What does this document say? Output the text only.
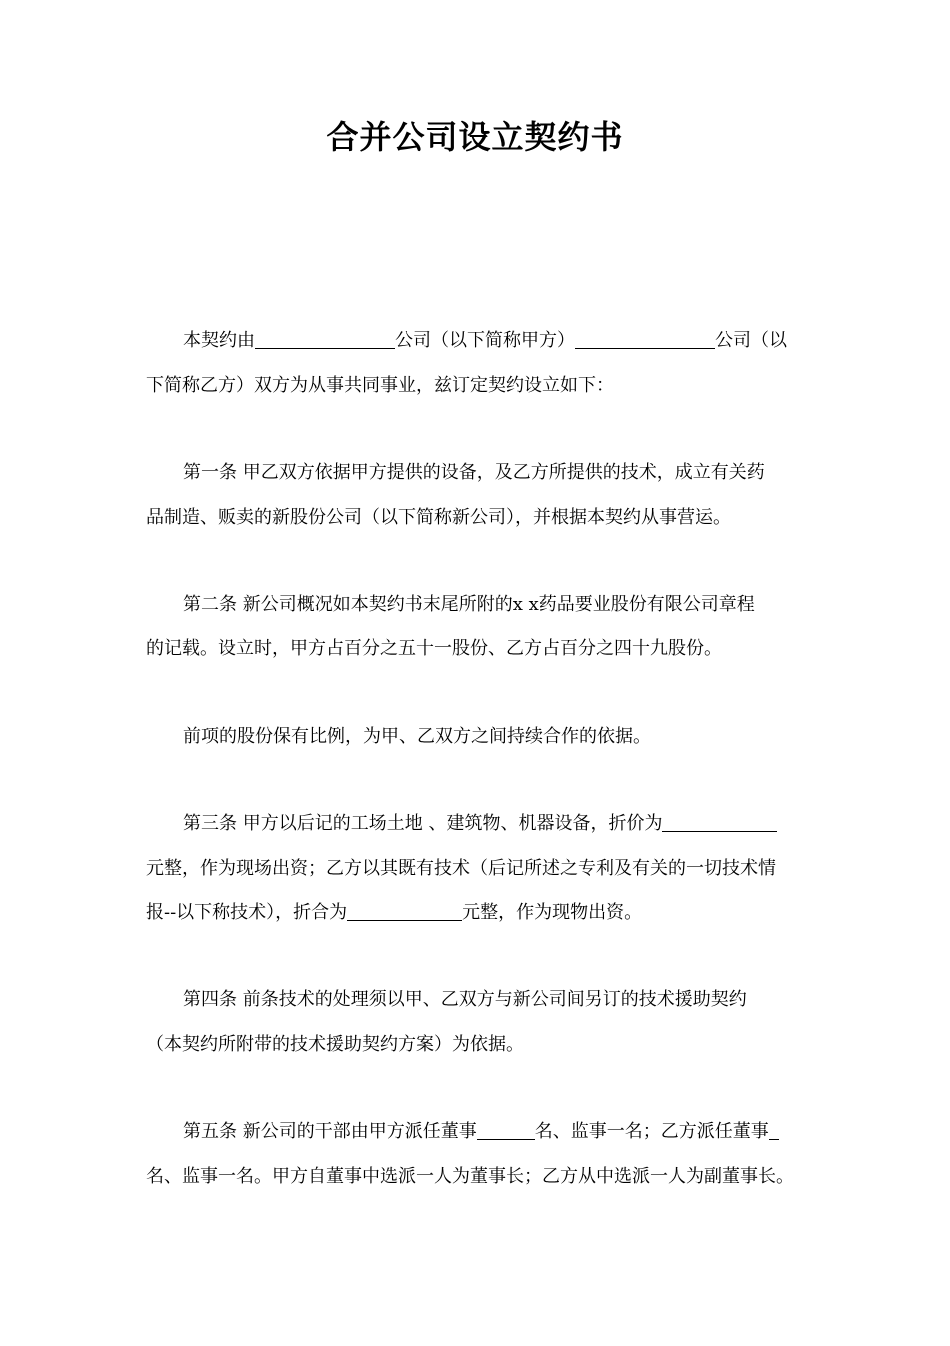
合并公司设立契约书
本契约由	公司（以下简称甲方）	公司（以
下简称乙方）双方为从事共同事业，兹订定契约设立如下：
第一条 甲乙双方依据甲方提供的设备，及乙方所提供的技术，成立有关药
品制造、贩卖的新股份公司（以下简称新公司），并根据本契约从事营运。
第二条 新公司概况如本契约书末尾所附的x x药品要业股份有限公司章程
的记载。设立时，甲方占百分之五十一股份、乙方占百分之四十九股份。
前项的股份保有比例，为甲、乙双方之间持续合作的依据。
第三条 甲方以后记的工场土地 、建筑物、机器设备，折价为
元整，作为现场出资；乙方以其既有技术（后记所述之专利及有关的一切技术情
报--以下称技术），折合为	元整，作为现物出资。
第四条 前条技术的处理须以甲、乙双方与新公司间另订的技术援助契约
（本契约所附带的技术援助契约方案）为依据。
第五条 新公司的干部由甲方派任董事	名、监事一名；乙方派任董事
名、监事一名。甲方自董事中选派一人为董事长；乙方从中选派一人为副董事长。
